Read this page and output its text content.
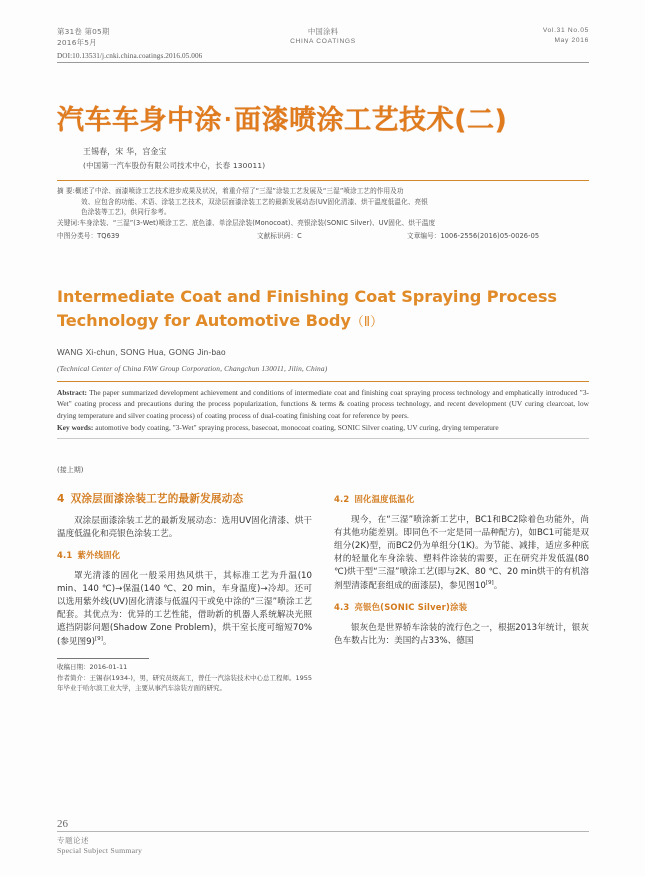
第31卷 第05期
2016年5月
中国涂料
CHINA COATINGS
Vol.31 No.05
May 2016
DOI:10.13531/j.cnki.china.coatings.2016.05.006
汽车车身中涂 ·面漆喷涂工艺技术(二)
王锡春，宋 华，宫金宝
(中国第一汽车股份有限公司技术中心，长春 130011)
摘 要:概述了中涂、面漆喷涂工艺技术进步成果及状况，着重介绍了“三湿”涂装工艺发展及“三湿”喷涂工艺的作用及功
效、应包含的功能、术语、涂装工艺技术，双涂层面漆涂装工艺的最新发展动态(UV固化清漆、烘干温度低温化、亮银
色涂装等工艺)，供同行参考。
关键词:车身涂装、“三湿”(3-Wet)喷涂工艺、底色漆、单涂层涂装(Monocoat)、亮银涂装(SONIC Silver)、UV固化、烘干温度
中图分类号：TQ639	文献标识码：C	文章编号：1006-2556(2016)05-0026-05
Intermediate Coat and Finishing Coat Spraying Process
Technology for Automotive Body（Ⅱ）
WANG Xi-chun, SONG Hua, GONG Jin-bao
(Technical Center of China FAW Group Corporation, Changchun 130011, Jilin, China)
Abstract: The paper summarized development achievement and conditions of intermediate coat and finishing coat spraying process technology and emphatically introduced "3-Wet" coating process and precautions during the process popularization, functions & terms & coating process technology, and recent development (UV curing clearcoat, low drying temperature and silver coating process) of coating process of dual-coating finishing coat for reference by peers.
Key words: automotive body coating, "3-Wet" spraying process, basecoat, monocoat coating, SONIC Silver coating, UV curing, drying temperature
(接上期)
4 双涂层面漆涂装工艺的最新发展动态

双涂层面漆涂装工艺的最新发展动态：选用UV固化清漆、烘干温度低温化和亮银色涂装工艺。

4.1 紫外线固化

罩光清漆的固化一般采用热风烘干，其标准工艺为升温(10 min、140 ℃)→保温(140 ℃、20 min，车身温度)→冷却。还可以选用紫外线(UV)固化清漆与低温闪干或免中涂的“三湿”喷涂工艺配套。其优点为：优异的工艺性能，借助新的机器人系统解决光照遮挡阴影问题(Shadow Zone Problem)，烘干室长度可缩短70%(参见图9)[9]。

收稿日期：2016-01-11
作者简介：王锡春(1934-)，男，研究员级高工，曾任一汽涂装技术中心总工程师。1955年毕业于哈尔滨工业大学，主要从事汽车涂装方面的研究。
4.2 固化温度低温化

现今，在“三湿”喷涂新工艺中，BC1和BC2除着色功能外，尚有其他功能差别。即同色不一定是同一品种配方)，如BC1可能是双组分(2K)型，而BC2仍为单组分(1K)。为节能、减排，适应多种底材的轻量化车身涂装、塑料件涂装的需要，正在研究并发低温(80 ℃)烘干型“三湿”喷涂工艺(即与2K、80 ℃、20 min烘干的有机溶剂型清漆配套组成的面漆层)，参见图10[9]。

4.3 亮银色(SONIC Silver)涂装

银灰色是世界轿车涂装的流行色之一，根据2013年统计，银灰色车数占比为：美国约占33%、德国

26
专题论述
Special Subject Summary
